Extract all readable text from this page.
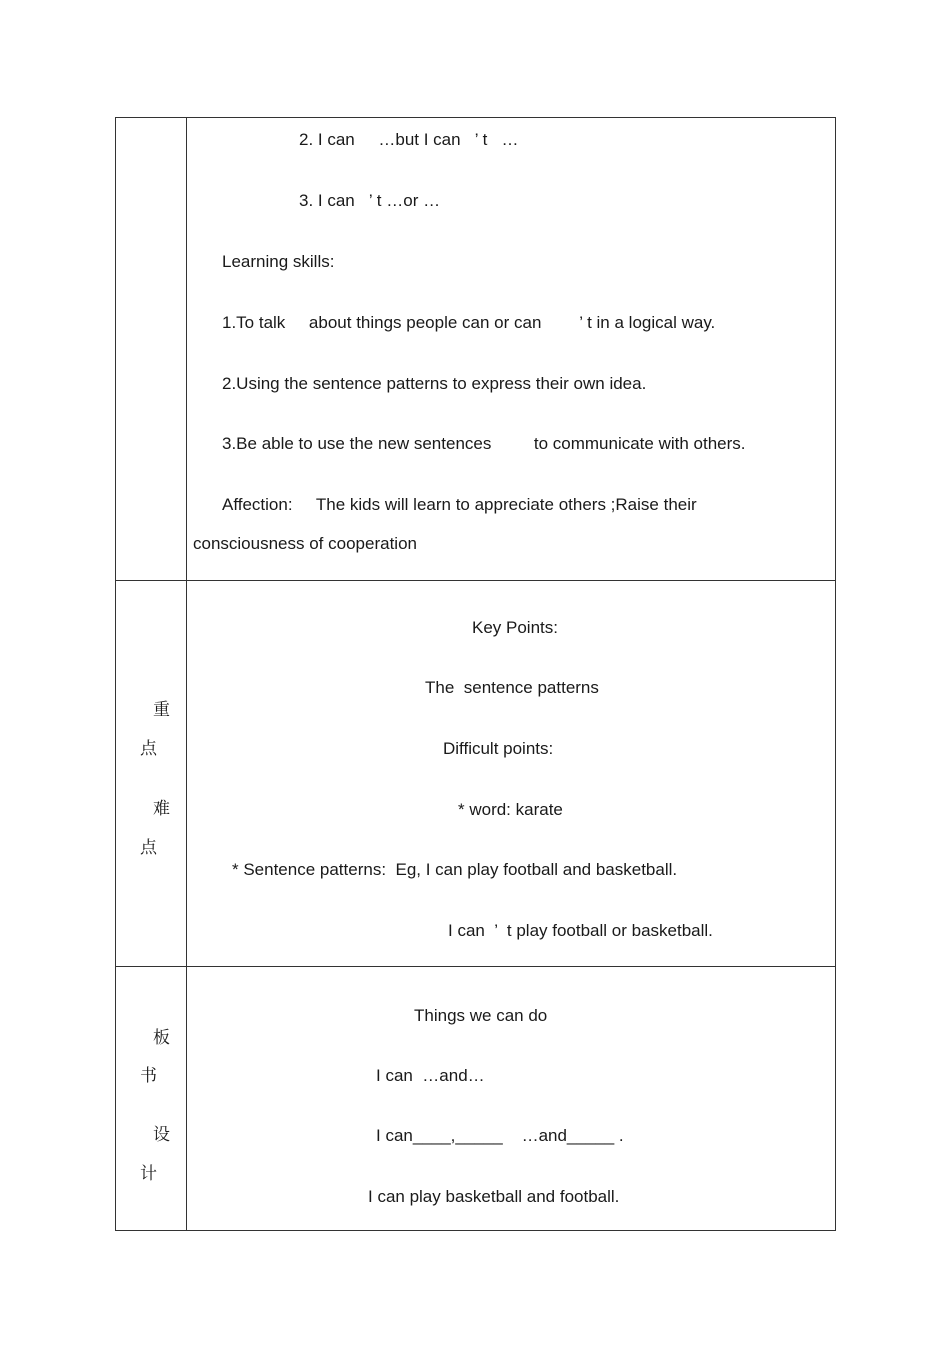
2. I can     …but I can   ’ t   …
3. I can   ’ t …or …
Learning skills:
1.To talk     about things people can or can        ’ t in a logical way.
2.Using the sentence patterns to express their own idea.
3.Be able to use the new sentences         to communicate with others.
Affection:     The kids will learn to appreciate others ;Raise their
consciousness of cooperation
重
点
难
点
Key Points:
The  sentence patterns
Difficult points:
* word: karate
* Sentence patterns:  Eg, I can play football and basketball.
I can  ’  t play football or basketball.
板
书
设
计
Things we can do
I can  …and…
I can____,_____    …and_____ .
I can play basketball and football.
